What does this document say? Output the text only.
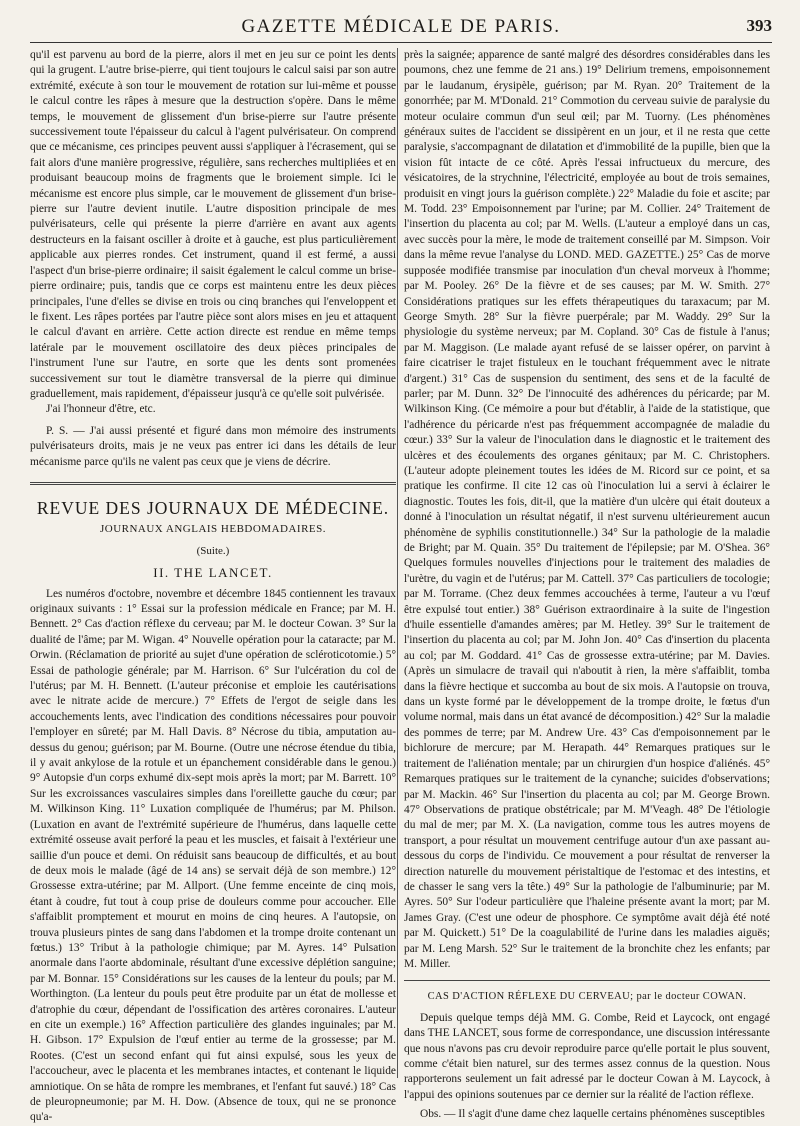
GAZETTE MÉDICALE DE PARIS.	393

qu'il est parvenu au bord de la pierre, alors il met en jeu sur ce point les dents qui la grugent. L'autre brise-pierre, qui tient toujours le calcul saisi par son autre extrémité, exécute à son tour le mouvement de rotation sur lui-même et pousse le calcul contre les râpes à mesure que la destruction s'opère. Dans le même temps, le mouvement de glissement d'un brise-pierre sur l'autre présente successivement toute l'épaisseur du calcul à l'agent pulvérisateur. On comprend que ce mécanisme, ces principes peuvent aussi s'appliquer à l'écrasement, qui se fait alors d'une manière progressive, régulière, sans recherches multipliées et en produisant beaucoup moins de fragments que le broiement simple. Ici le mécanisme est encore plus simple, car le mouvement de glissement d'un brise-pierre sur l'autre devient inutile. L'autre disposition principale de mes pulvérisateurs, celle qui présente la pierre d'arrière en avant aux agents destructeurs en la faisant osciller à droite et à gauche, est plus particulièrement applicable aux pierres rondes. Cet instrument, quand il est fermé, a aussi l'aspect d'un brise-pierre ordinaire; il saisit également le calcul comme un brise-pierre ordinaire; puis, tandis que ce corps est maintenu entre les deux pièces principales, l'une d'elles se divise en trois ou cinq branches qui l'enveloppent et le fixent. Les râpes portées par l'autre pièce sont alors mises en jeu et attaquent le calcul d'avant en arrière. Cette action directe est rendue en même temps latérale par le mouvement oscillatoire des deux pièces principales de l'instrument l'une sur l'autre, en sorte que les dents sont promenées successivement sur tout le diamètre transversal de la pierre qui diminue graduellement, mais rapidement, d'épaisseur jusqu'à ce qu'elle soit pulvérisée.

J'ai l'honneur d'être, etc.

P. S. — J'ai aussi présenté et figuré dans mon mémoire des instruments pulvérisateurs droits, mais je ne veux pas entrer ici dans les détails de leur mécanisme parce qu'ils ne valent pas ceux que je viens de décrire.

REVUE DES JOURNAUX DE MÉDECINE.
JOURNAUX ANGLAIS HEBDOMADAIRES.
(Suite.)
II. THE LANCET.

Les numéros d'octobre, novembre et décembre 1845 contiennent les travaux originaux suivants : 1° Essai sur la profession médicale en France; par M. H. Bennett. 2° Cas d'action réflexe du cerveau; par M. le docteur Cowan. 3° Sur la dualité de l'âme; par M. Wigan. 4° Nouvelle opération pour la cataracte; par M. Orwin. (Réclamation de priorité au sujet d'une opération de scléroticotomie.) 5° Essai de pathologie générale; par M. Harrison. 6° Sur l'ulcération du col de l'utérus; par M. H. Bennett. (L'auteur préconise et emploie les cautérisations avec le nitrate acide de mercure.) 7° Effets de l'ergot de seigle dans les accouchements lents, avec l'indication des conditions nécessaires pour pouvoir l'employer en sûreté; par M. Hall Davis. 8° Nécrose du tibia, amputation au-dessus du genou; guérison; par M. Bourne. (Outre une nécrose étendue du tibia, il y avait ankylose de la rotule et un épanchement considérable dans le genou.) 9° Autopsie d'un corps exhumé dix-sept mois après la mort; par M. Barrett. 10° Sur les excroissances vasculaires simples dans l'oreillette gauche du cœur; par M. Wilkinson King. 11° Luxation compliquée de l'humérus; par M. Philson. (Luxation en avant de l'extrémité supérieure de l'humérus, dans laquelle cette extrémité osseuse avait perforé la peau et les muscles, et faisait à l'extérieur une saillie d'un pouce et demi. On réduisit sans beaucoup de difficultés, et au bout de deux mois le malade (âgé de 14 ans) se servait déjà de son membre.) 12° Grossesse extra-utérine; par M. Allport. (Une femme enceinte de cinq mois, étant à coudre, fut tout à coup prise de douleurs comme pour accoucher. Elle s'affaiblit promptement et mourut en moins de cinq heures. A l'autopsie, on trouva plusieurs pintes de sang dans l'abdomen et la trompe droite contenant un fœtus.) 13° Tribut à la pathologie chimique; par M. Ayres. 14° Pulsation anormale dans l'aorte abdominale, résultant d'une excessive déplétion sanguine; par M. Bonnar. 15° Considérations sur les causes de la lenteur du pouls; par M. Worthington. (La lenteur du pouls peut être produite par un état de mollesse et d'atrophie du cœur, dépendant de l'ossification des artères coronaires. L'auteur en cite un exemple.) 16° Affection particulière des glandes inguinales; par M. H. Gibson. 17° Expulsion de l'œuf entier au terme de la grossesse; par M. Rootes. (C'est un second enfant qui fut ainsi expulsé, sous les yeux de l'accoucheur, avec le placenta et les membranes intactes, et contenant le liquide amniotique. On se hâta de rompre les membranes, et l'enfant fut sauvé.) 18° Cas de pleuropneumonie; par M. H. Dow. (Absence de toux, qui ne se prononce qu'a-

près la saignée; apparence de santé malgré des désordres considérables dans les poumons, chez une femme de 21 ans.) 19° Delirium tremens, empoisonnement par le laudanum, érysipèle, guérison; par M. Ryan. 20° Traitement de la gonorrhée; par M. M'Donald. 21° Commotion du cerveau suivie de paralysie du moteur oculaire commun d'un seul œil; par M. Tuorny. (Les phénomènes généraux suites de l'accident se dissipèrent en un jour, et il ne resta que cette paralysie, s'accompagnant de dilatation et d'immobilité de la pupille, bien que la vision fût intacte de ce côté. Après l'essai infructueux du mercure, des vésicatoires, de la strychnine, l'électricité, employée au bout de trois semaines, produisit en vingt jours la guérison complète.) 22° Maladie du foie et ascite; par M. Todd. 23° Empoisonnement par l'urine; par M. Collier. 24° Traitement de l'insertion du placenta au col; par M. Wells. (L'auteur a employé dans un cas, avec succès pour la mère, le mode de traitement conseillé par M. Simpson. Voir dans la même revue l'analyse du LOND. MED. GAZETTE.) 25° Cas de morve supposée modifiée transmise par inoculation d'un cheval morveux à l'homme; par M. Pooley. 26° De la fièvre et de ses causes; par M. W. Smith. 27° Considérations pratiques sur les effets thérapeutiques du taraxacum; par M. George Smyth. 28° Sur la fièvre puerpérale; par M. Waddy. 29° Sur la physiologie du système nerveux; par M. Copland. 30° Cas de fistule à l'anus; par M. Maggison. (Le malade ayant refusé de se laisser opérer, on parvint à faire cicatriser le trajet fistuleux en le touchant fréquemment avec le nitrate d'argent.) 31° Cas de suspension du sentiment, des sens et de la faculté de parler; par M. Dunn. 32° De l'innocuité des adhérences du péricarde; par M. Wilkinson King. (Ce mémoire a pour but d'établir, à l'aide de la statistique, que l'adhérence du péricarde n'est pas fréquemment accompagnée de maladie du cœur.) 33° Sur la valeur de l'inoculation dans le diagnostic et le traitement des ulcères et des écoulements des organes génitaux; par M. C. Christophers. (L'auteur adopte pleinement toutes les idées de M. Ricord sur ce point, et sa pratique les confirme. Il cite 12 cas où l'inoculation lui a servi à éclairer le diagnostic. Toutes les fois, dit-il, que la matière d'un ulcère qui était douteux a donné à l'inoculation un résultat négatif, il n'est survenu ultérieurement aucun phénomène de syphilis constitutionnelle.) 34° Sur la pathologie de la maladie de Bright; par M. Quain. 35° Du traitement de l'épilepsie; par M. O'Shea. 36° Quelques formules nouvelles d'injections pour le traitement des maladies de l'urètre, du vagin et de l'utérus; par M. Cattell. 37° Cas particuliers de tocologie; par M. Torrame. (Chez deux femmes accouchées à terme, l'auteur a vu l'œuf être expulsé tout entier.) 38° Guérison extraordinaire à la suite de l'ingestion d'huile essentielle d'amandes amères; par M. Hetley. 39° Sur le traitement de l'insertion du placenta au col; par M. John Jon. 40° Cas d'insertion du placenta au col; par M. Goddard. 41° Cas de grossesse extra-utérine; par M. Davies. (Après un simulacre de travail qui n'aboutit à rien, la mère s'affaiblit, tomba dans la fièvre hectique et succomba au bout de six mois. A l'autopsie on trouva, dans un kyste formé par le développement de la trompe droite, le fœtus d'un volume normal, mais dans un état avancé de décomposition.) 42° Sur la maladie des pommes de terre; par M. Andrew Ure. 43° Cas d'empoisonnement par le bichlorure de mercure; par M. Herapath. 44° Remarques pratiques sur le traitement de l'aliénation mentale; par un chirurgien d'un hospice d'aliénés. 45° Remarques pratiques sur le traitement de la cynanche; suicides d'observations; par M. Mackin. 46° Sur l'insertion du placenta au col; par M. George Brown. 47° Observations de pratique obstétricale; par M. M'Veagh. 48° De l'étiologie du mal de mer; par M. X. (La navigation, comme tous les autres moyens de transport, a pour résultat un mouvement centrifuge autour d'un axe passant au-dessous du corps de l'individu. Ce mouvement a pour résultat de renverser la direction naturelle du mouvement péristaltique de l'estomac et des intestins, et de chasser le sang vers la tête.) 49° Sur la pathologie de l'albuminurie; par M. Ayres. 50° Sur l'odeur particulière que l'haleine présente avant la mort; par M. James Gray. (C'est une odeur de phosphore. Ce symptôme avait déjà été noté par M. Quickett.) 51° De la coagulabilité de l'urine dans les maladies aiguës; par M. Leng Marsh. 52° Sur le traitement de la bronchite chez les enfants; par M. Miller.

CAS D'ACTION RÉFLEXE DU CERVEAU; par le docteur COWAN.

Depuis quelque temps déjà MM. G. Combe, Reid et Laycock, ont engagé dans THE LANCET, sous forme de correspondance, une discussion intéressante que nous n'avons pas cru devoir reproduire parce qu'elle portait le plus souvent, comme c'était bien naturel, sur des termes assez connus de la question. Nous rapporterons seulement un fait adressé par le docteur Cowan à M. Laycock, à l'appui des opinions soutenues par ce dernier sur la réalité de l'action réflexe.

Obs. — Il s'agit d'une dame chez laquelle certains phénomènes susceptibles
